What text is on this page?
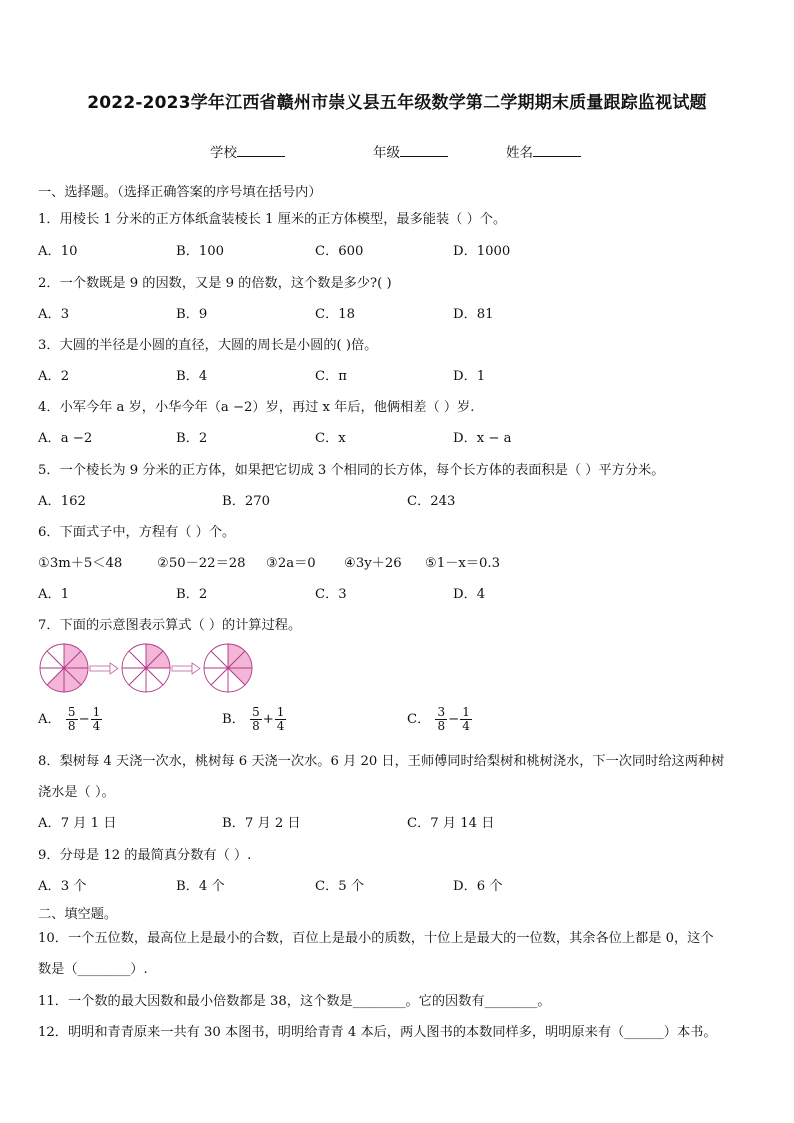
2022-2023学年江西省赣州市崇义县五年级数学第二学期期末质量跟踪监视试题
学校	年级	姓名
一、选择题。（选择正确答案的序号填在括号内）
1．用棱长 1 分米的正方体纸盒装棱长 1 厘米的正方体模型，最多能装（ ）个。
A．10	B．100	C．600	D．1000
2．一个数既是 9 的因数，又是 9 的倍数，这个数是多少?( )
A．3	B．9	C．18	D．81
3．大圆的半径是小圆的直径，大圆的周长是小圆的( )倍。
A．2	B．4	C．π	D．1
4．小军今年 a 岁，小华今年（a −2）岁，再过 x 年后，他俩相差（ ）岁.
A．a −2	B．2	C．x	D．x − a
5．一个棱长为 9 分米的正方体，如果把它切成 3 个相同的长方体，每个长方体的表面积是（ ）平方分米。
A．162	B．270	C．243
6．下面式子中，方程有（ ）个。
①3m＋5＜48	②50－22＝28 ③2a＝0 ④3y＋26 ⑤1－x＝0.3
A．1	B．2	C．3	D．4
7．下面的示意图表示算式（ ）的计算过程。
A． $\frac{5}{8} - \frac{1}{4}$	B． $\frac{5}{8} + \frac{1}{4}$	C． $\frac{3}{8} - \frac{1}{4}$
8．梨树每 4 天浇一次水，桃树每 6 天浇一次水。6 月 20 日，王师傅同时给梨树和桃树浇水，下一次同时给这两种树
浇水是（ ）。
A．7 月 1 日	B．7 月 2 日	C．7 月 14 日
9．分母是 12 的最简真分数有（ ）.
A．3 个	B．4 个	C．5 个	D．6 个
二、填空题。
10．一个五位数，最高位上是最小的合数，百位上是最小的质数，十位上是最大的一位数，其余各位上都是 0，这个
数是（________）.
11．一个数的最大因数和最小倍数都是 38，这个数是________。它的因数有________。
12．明明和青青原来一共有 30 本图书，明明给青青 4 本后，两人图书的本数同样多，明明原来有（______）本书。
